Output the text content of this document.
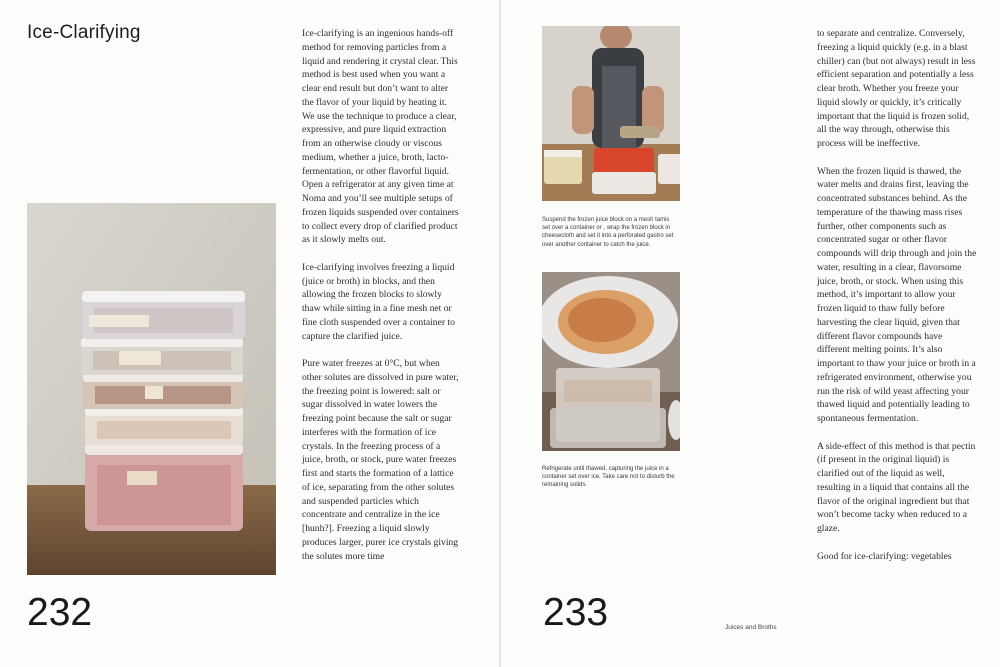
Ice-Clarifying	Ice-clarifying is an ingenious hands-off method for removing particles from a liquid and rendering it crystal clear. This method is best used when you want a clear end result but don’t want to alter the flavor of your liquid by heating it. We use the technique to produce a clear, expressive, and pure liquid extraction from an otherwise cloudy or viscous medium, whether a juice, broth, lacto-fermentation, or other flavorful liquid. Open a refrigerator at any given time at Noma and you’ll see multiple setups of frozen liquids suspended over containers to collect every drop of clarified product as it slowly melts out.

Ice-clarifying involves freezing a liquid (juice or broth) in blocks, and then allowing the frozen blocks to slowly thaw while sitting in a fine mesh net or fine cloth suspended over a container to capture the clarified juice.

Pure water freezes at 0°C, but when other solutes are dissolved in pure water, the freezing point is lowered: salt or sugar dissolved in water lowers the freezing point because the salt or sugar interferes with the formation of ice crystals. In the freezing process of a juice, broth, or stock, pure water freezes first and starts the formation of a lattice of ice, separating from the other solutes and suspended particles which concentrate and centralize in the ice [hunh?]. Freezing a liquid slowly produces larger, purer ice crystals giving the solutes more time

232

Suspend the frozen juice block on a mesh tamis set over a container or , wrap the frozen block in cheesecloth and set it into a perforated gastro set over another container to catch the juice.

Refrigerate until thawed, capturing the juice in a container set over ice. Take care not to disturb the remaining solids.

to separate and centralize. Conversely, freezing a liquid quickly (e.g. in a blast chiller) can (but not always) result in less efficient separation and potentially a less clear broth. Whether you freeze your liquid slowly or quickly, it’s critically important that the liquid is frozen solid, all the way through, otherwise this process will be ineffective.

When the frozen liquid is thawed, the water melts and drains first, leaving the concentrated substances behind. As the temperature of the thawing mass rises further, other components such as concentrated sugar or other flavor compounds will drip through and join the water, resulting in a clear, flavorsome juice, broth, or stock. When using this method, it’s important to allow your frozen liquid to thaw fully before harvesting the clear liquid, given that different flavor compounds have different melting points. It’s also important to thaw your juice or broth in a refrigerated environment, otherwise you run the risk of wild yeast affecting your thawed liquid and potentially leading to spontaneous fermentation.

A side-effect of this method is that pectin (if present in the original liquid) is clarified out of the liquid as well, resulting in a liquid that contains all the flavor of the original ingredient but that won’t become tacky when reduced to a glaze.

Good for ice-clarifying: vegetables

233	Juices and Broths
